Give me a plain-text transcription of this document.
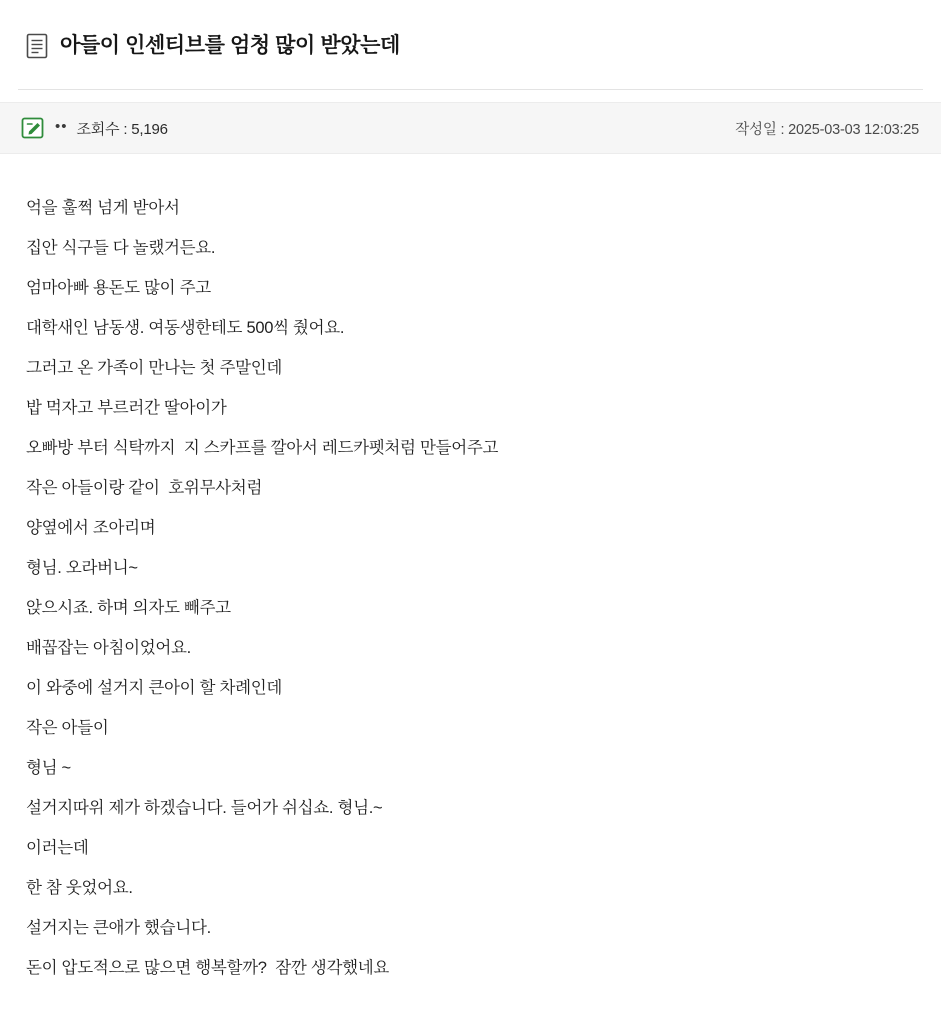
아들이 인센티브를 엄청 많이 받았는데
•• 조회수 : 5,196	작성일 : 2025-03-03 12:03:25
억을 훌쩍 넘게 받아서
집안 식구들 다 놀랬거든요.
엄마아빠 용돈도 많이 주고
대학새인 남동생. 여동생한테도 500씩 줬어요.
그러고 온 가족이 만나는 첫 주말인데
밥 먹자고 부르러간 딸아이가
오빠방 부터 식탁까지  지 스카프를 깔아서 레드카펫처럼 만들어주고
작은 아들이랑 같이  호위무사처럼
양옆에서 조아리며
형님. 오라버니~
앉으시죠. 하며 의자도 빼주고
배꼽잡는 아침이었어요.
이 와중에 설거지 큰아이 할 차례인데
작은 아들이
형님 ~
설거지따위 제가 하겠습니다. 들어가 쉬십쇼. 형님.~
이러는데
한 참 웃었어요.
설거지는 큰애가 했습니다.
돈이 압도적으로 많으면 행복할까?  잠깐 생각했네요
